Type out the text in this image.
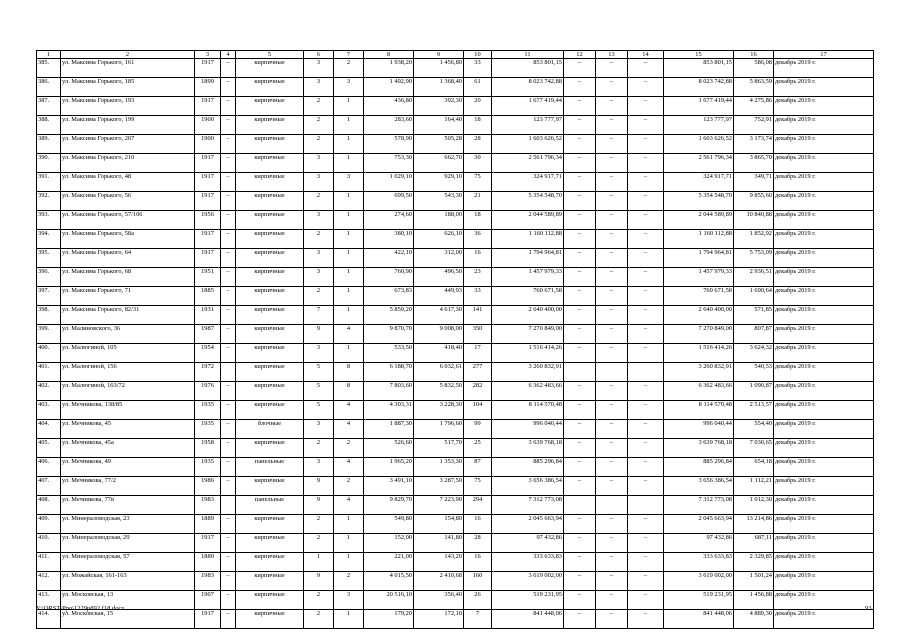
1	2	3	4	5	6	7	8	9	10	11	12	13	14	15	16	17
385.	ул. Максима Горького, 161	1917	–	кирпичные	3	2	1 938,20	1 456,80	33	853 801,15	–	–	–	853 801,15	586,08	декабрь 2019 г.
386.	ул. Максима Горького, 185	1899	–	кирпичные	3	3	1 492,90	1 368,40	61	8 023 742,88	–	–	–	8 023 742,88	5 863,59	декабрь 2019 г.
387.	ул. Максима Горького, 193	1917	–	кирпичные	2	1	436,80	392,30	20	1 677 419,44	–	–	–	1 677 419,44	4 275,86	декабрь 2019 г.
388.	ул. Максима Горького, 199	1900	–	кирпичные	2	1	283,60	164,40	18	123 777,97	–	–	–	123 777,97	752,91	декабрь 2019 г.
389.	ул. Максима Горького, 207	1900	–	кирпичные	2	1	578,90	505,28	28	1 603 626,52	–	–	–	1 603 626,52	3 173,74	декабрь 2019 г.
390.	ул. Максима Горького, 210	1917	–	кирпичные	3	1	753,30	662,70	30	2 561 796,34	–	–	–	2 561 796,34	3 865,70	декабрь 2019 г.
391.	ул. Максима Горького, 48	1917	–	кирпичные	3	3	1 029,10	929,10	75	324 917,71	–	–	–	324 917,71	349,71	декабрь 2019 г.
392.	ул. Максима Горького, 56	1917	–	кирпичные	2	1	699,50	543,30	21	5 354 548,70	–	–	–	5 354 548,70	9 855,60	декабрь 2019 г.
393.	ул. Максима Горького, 57/106	1956	–	кирпичные	3	1	274,60	188,00	18	2 044 589,89	–	–	–	2 044 589,89	10 840,88	декабрь 2019 г.
394.	ул. Максима Горького, 58а	1917	–	кирпичные	2	1	380,10	626,10	36	1 160 112,88	–	–	–	1 160 112,88	1 852,92	декабрь 2019 г.
395.	ул. Максима Горького, 64	1917	–	кирпичные	3	1	422,10	312,00	16	1 794 964,81	–	–	–	1 794 964,81	5 753,09	декабрь 2019 г.
396.	ул. Максима Горького, 68	1951	–	кирпичные	3	1	760,90	496,50	23	1 457 979,33	–	–	–	1 457 979,33	2 936,51	декабрь 2019 г.
397.	ул. Максима Горького, 71	1885	–	кирпичные	2	1	673,83	449,93	33	760 671,58	–	–	–	760 671,58	1 690,64	декабрь 2019 г.
398.	ул. Максима Горького, 82/31	1931	–	кирпичные	7	1	5 859,20	4 617,30	141	2 640 400,00	–	–	–	2 640 400,00	571,85	декабрь 2019 г.
399.	ул. Малиновского, 36	1987	–	кирпичные	9	4	9 870,70	9 008,00	350	7 270 849,00	–	–	–	7 270 849,00	807,87	декабрь 2019 г.
400.	ул. Малюгиной, 105	1954	–	кирпичные	3	1	533,50	418,40	17	1 516 414,26	–	–	–	1 516 414,26	3 624,32	декабрь 2019 г.
401.	ул. Малюгиной, 156	1972		кирпичные	5	8	6 188,70	6 032,61	277	3 260 832,91				3 260 832,91	540,53	декабрь 2019 г.
402.	ул. Малюгиной, 163/72	1976	–	кирпичные	5	8	7 803,60	5 832,50	282	6 362 483,66	–	–	–	6 362 483,66	1 090,87	декабрь 2019 г.
403.	ул. Мечникова, 138/85	1935	–	кирпичные	5	4	4 303,31	3 228,30	104	8 114 570,48	–	–	–	8 114 570,48	2 513,57	декабрь 2019 г.
404.	ул. Мечникова, 45	1935	–	блочные	3	4	1 887,30	1 796,60	99	996 040,44	–	–	–	996 040,44	554,40	декабрь 2019 г.
405.	ул. Мечникова, 45а	1958	–	кирпичные	2	2	526,60	517,70	25	3 639 768,18	–	–	–	3 639 768,18	7 030,65	декабрь 2019 г.
406.	ул. Мечникова, 49	1935	–	панельные	3	4	1 965,20	1 353,30	87	885 296,84	–	–	–	885 296,84	654,18	декабрь 2019 г.
407.	ул. Мечникова, 77/2	1986	–	кирпичные	9	2	3 491,10	3 287,50	75	3 656 386,54	–	–	–	3 656 386,54	1 112,21	декабрь 2019 г.
408.	ул. Мечникова, 77в	1983		панельные	9	4	9 829,70	7 223,90	294	7 312 773,08				7 312 773,08	1 012,30	декабрь 2019 г.
409.	ул. Минераловодская, 23	1889	–	кирпичные	2	1	549,80	154,80	16	2 045 663,94	–	–	–	2 045 663,94	13 214,86	декабрь 2019 г.
410.	ул. Минераловодская, 29	1917	–	кирпичные	2	1	152,00	141,80	28	97 432,86	–	–	–	97 432,86	687,11	декабрь 2019 г.
411.	ул. Минераловодская, 57	1880	–	кирпичные	1	1	221,00	143,20	16	333 633,83	–	–	–	333 633,83	2 329,85	декабрь 2019 г.
412.	ул. Можайская, 161-163	1983	–	кирпичные	9	2	4 015,50	2 410,68	160	3 619 002,00	–	–	–	3 619 002,00	1 501,24	декабрь 2019 г.
413.	ул. Московская, 13	1907	–	кирпичные	2	3	20 516,10	356,40	26	519 231,95	–	–	–	519 231,95	1 456,88	декабрь 2019 г.
414.	ул. Московская, 15	1917	–	кирпичные	2	1	179,20	172,10	7	841 448,06	–	–	–	841 448,06	4 889,30	декабрь 2019 г.
Y:\ORST\Ppo\1229p892.f18.docx	93
